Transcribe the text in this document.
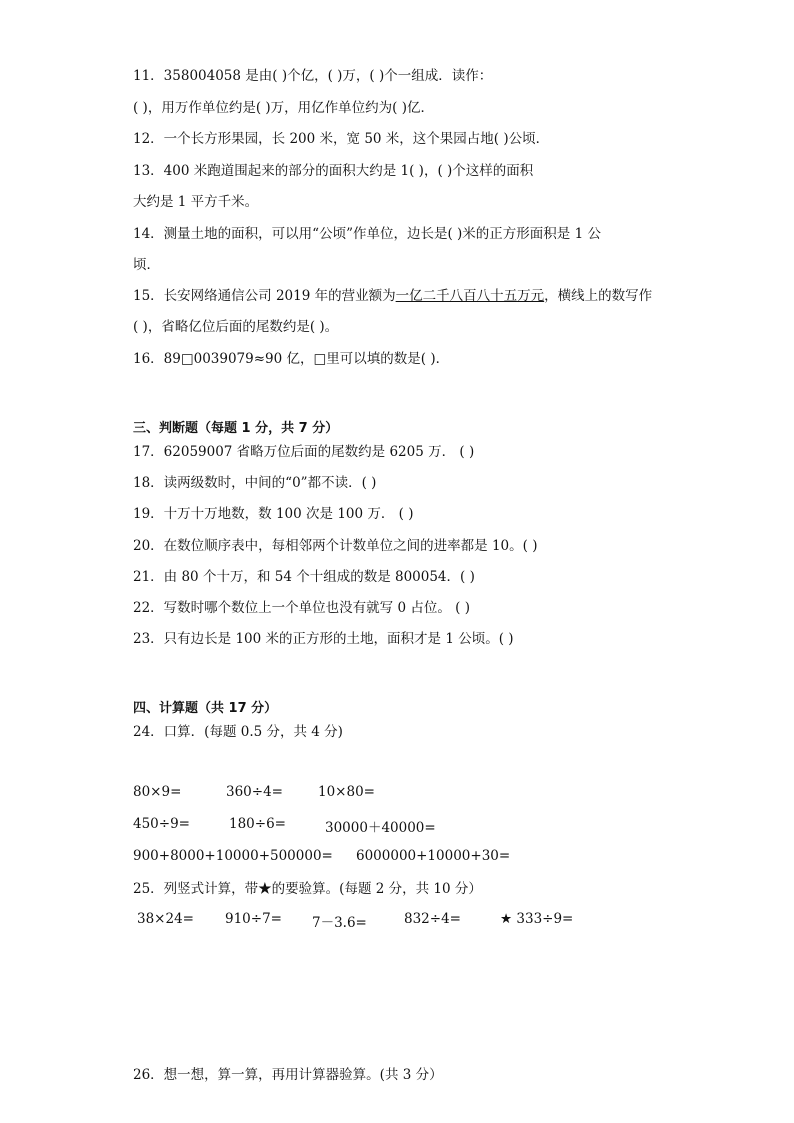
11．358004058 是由( )个亿，( )万，( )个一组成．读作：
( )，用万作单位约是( )万，用亿作单位约为( )亿．
12．一个长方形果园，长 200 米，宽 50 米，这个果园占地( )公顷．
13．400 米跑道围起来的部分的面积大约是 1( )，( )个这样的面积
大约是 1 平方千米。
14．测量土地的面积，可以用“公顷”作单位，边长是( )米的正方形面积是 1 公
顷．
15．长安网络通信公司 2019 年的营业额为一亿二千八百八十五万元，横线上的数写作
( )，省略亿位后面的尾数约是( )。
16．89□0039079≈90 亿，□里可以填的数是( )．
三、判断题（每题 1 分，共 7 分）
17．62059007 省略万位后面的尾数约是 6205 万． ( )
18．读两级数时，中间的“0”都不读．( )
19．十万十万地数，数 100 次是 100 万． ( )
20．在数位顺序表中，每相邻两个计数单位之间的进率都是 10。( )
21．由 80 个十万，和 54 个十组成的数是 800054．( )
22．写数时哪个数位上一个单位也没有就写 0 占位。 ( )
23．只有边长是 100 米的正方形的土地，面积才是 1 公顷。( )
四、计算题（共 17 分）
24．口算．(每题 0.5 分，共 4 分)
80×9=	360÷4=	10×80=
450÷9=	180÷6=	30000＋40000=
900+8000+10000+500000= 6000000+10000+30=
25．列竖式计算，带★的要验算。(每题 2 分，共 10 分）
38×24= 910÷7= 7－3.6=	832÷4=	★ 333÷9=
26．想一想，算一算，再用计算器验算。(共 3 分）
